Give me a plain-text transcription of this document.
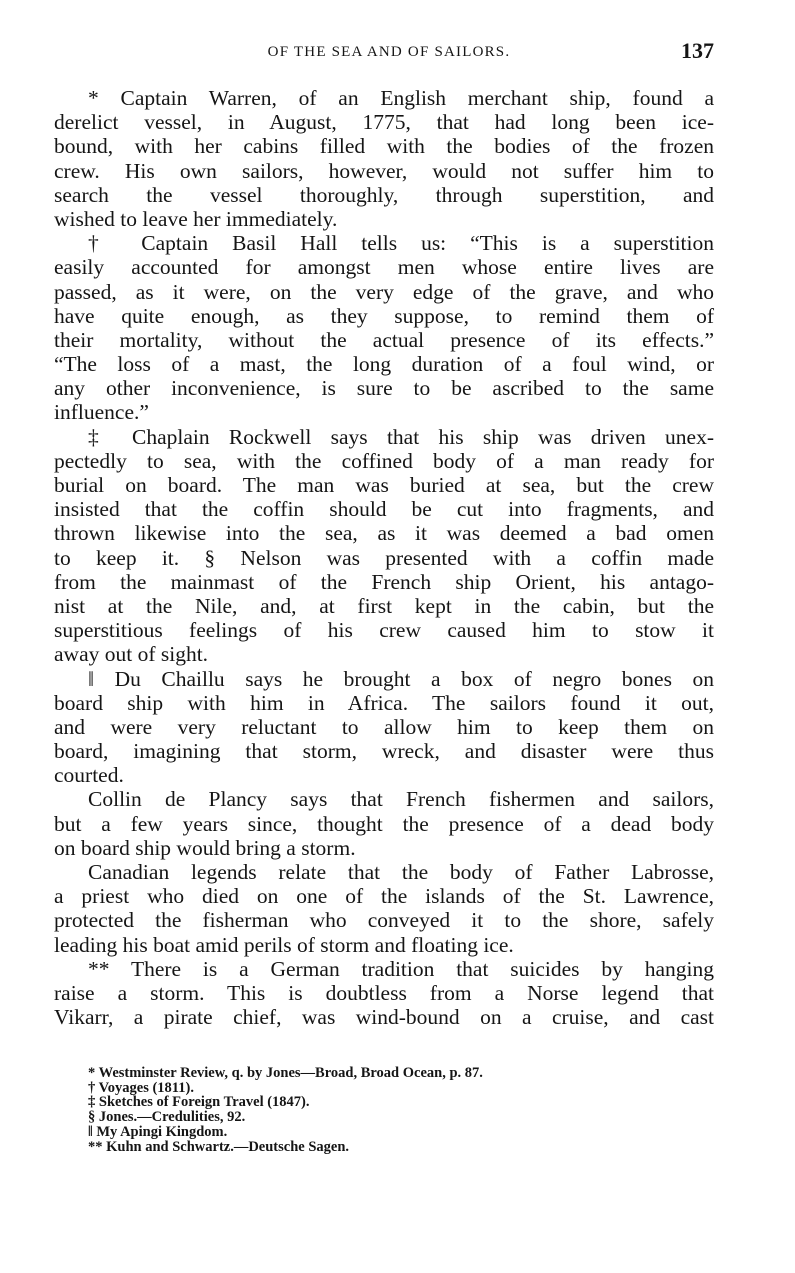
OF THE SEA AND OF SAILORS.	137
* Captain Warren, of an English merchant ship, found a
derelict vessel, in August, 1775, that had long been ice-
bound, with her cabins filled with the bodies of the frozen
crew. His own sailors, however, would not suffer him to
search the vessel thoroughly, through superstition, and
wished to leave her immediately.
† Captain Basil Hall tells us: “This is a superstition
easily accounted for amongst men whose entire lives are
passed, as it were, on the very edge of the grave, and who
have quite enough, as they suppose, to remind them of
their mortality, without the actual presence of its effects.”
“The loss of a mast, the long duration of a foul wind, or
any other inconvenience, is sure to be ascribed to the same
influence.”
‡ Chaplain Rockwell says that his ship was driven unex-
pectedly to sea, with the coffined body of a man ready for
burial on board. The man was buried at sea, but the crew
insisted that the coffin should be cut into fragments, and
thrown likewise into the sea, as it was deemed a bad omen
to keep it. § Nelson was presented with a coffin made
from the mainmast of the French ship Orient, his antago-
nist at the Nile, and, at first kept in the cabin, but the
superstitious feelings of his crew caused him to stow it
away out of sight.
‖ Du Chaillu says he brought a box of negro bones on
board ship with him in Africa. The sailors found it out,
and were very reluctant to allow him to keep them on
board, imagining that storm, wreck, and disaster were thus
courted.
Collin de Plancy says that French fishermen and sailors,
but a few years since, thought the presence of a dead body
on board ship would bring a storm.
Canadian legends relate that the body of Father Labrosse,
a priest who died on one of the islands of the St. Lawrence,
protected the fisherman who conveyed it to the shore, safely
leading his boat amid perils of storm and floating ice.
** There is a German tradition that suicides by hanging
raise a storm. This is doubtless from a Norse legend that
Vikarr, a pirate chief, was wind-bound on a cruise, and cast
* Westminster Review, q. by Jones—Broad, Broad Ocean, p. 87.
† Voyages (1811).
‡ Sketches of Foreign Travel (1847).
§ Jones.—Credulities, 92.
‖ My Apingi Kingdom.
** Kuhn and Schwartz.—Deutsche Sagen.
